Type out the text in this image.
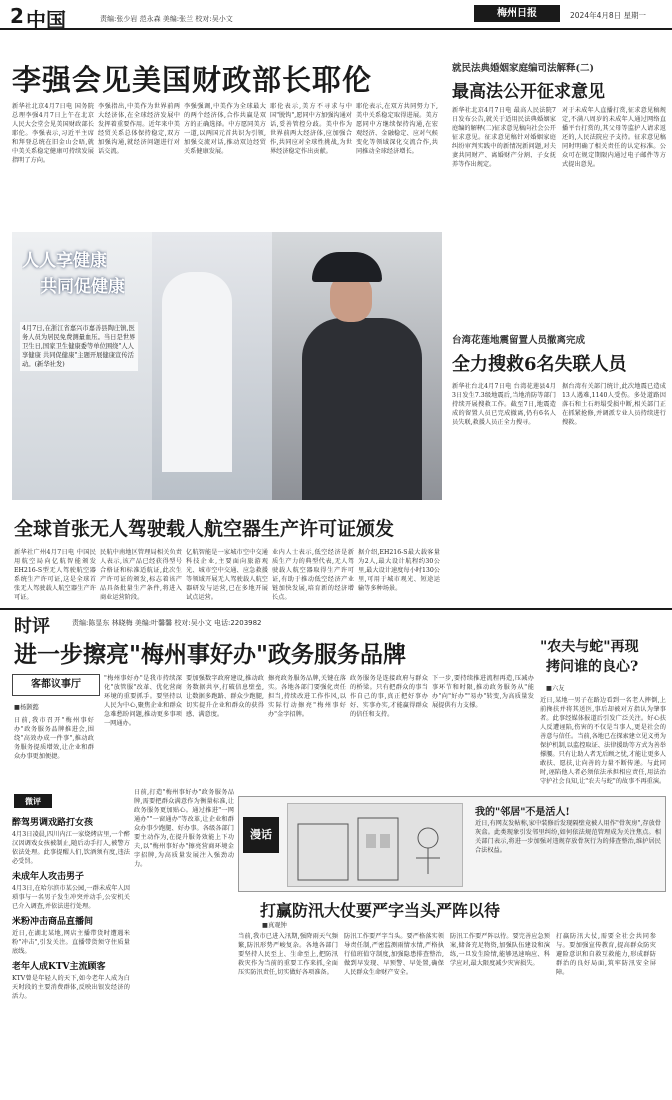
2 中国	责编:张少岩 范永森 美编:张兰 校对:吴小文	梅州日报	2024年4月8日 星期一
李强会见美国财政部长耶伦
新华社北京4月7日电 国务院总理李强4月7日上午在北京人民大会堂会见美国财政部长耶伦。李强表示,习近平主席和拜登总统在旧金山会晤,就中美关系稳定健康可持续发展指明了方向。
李强指出,中美作为世界前两大经济体,在全球经济发展中发挥着重要作用。近年来中美经贸关系总体保持稳定,双方加强沟通,就经济问题进行对话交流。
李强强调,中美作为全球最大的两个经济体,合作共赢是双方的正确选择。中方愿同美方一道,以两国元首共识为引领,加强交流对话,推动双边经贸关系健康发展。
耶伦表示,美方不寻求与中国"脱钩",愿同中方加强沟通对话,妥善管控分歧。美中作为世界前两大经济体,应加强合作,共同应对全球性挑战,为世界经济稳定作出贡献。
耶伦表示,在双方共同努力下,美中关系稳定取得进展。美方愿同中方继续保持沟通,在宏观经济、金融稳定、应对气候变化等领域深化交流合作,共同推动全球经济增长。
人人享健康
共同促健康
4月7日,在浙江省嘉兴市嘉善县陶庄镇,医务人员为居民免费测量血压。当日是世界卫生日,国家卫生健康委等单位围绕"人人享健康 共同促健康"主题开展健康宣传活动。(新华社发)
全球首张无人驾驶载人航空器生产许可证颁发
新华社广州4月7日电 中国民用航空局向亿航智能颁发EH216-S型无人驾驶航空器系统生产许可证,这是全球首张无人驾驶载人航空器生产许可证。
民航中南地区管理局相关负责人表示,该产品已经获得型号合格证和标准适航证,此次生产许可证的颁发,标志着该产品具备批量生产条件,将进入商业运营阶段。
亿航智能是一家城市空中交通科技企业,主要面向旅游观光、城市空中交通、应急救援等领域开展无人驾驶载人航空器研发与运营,已在多地开展试点运营。
业内人士表示,低空经济是新质生产力的典型代表,无人驾驶载人航空器取得生产许可证,有助于推动低空经济产业链加快发展,培育新的经济增长点。
据介绍,EH216-S最大载客量为2人,最大设计航程约30公里,最大设计速度每小时130公里,可用于城市观光、短途运输等多种场景。
就民法典婚姻家庭编司法解释(二)
最高法公开征求意见
新华社北京4月7日电 最高人民法院7日发布公告,就关于适用民法典婚姻家庭编的解释(二)征求意见稿向社会公开征求意见。征求意见稿针对婚姻家庭纠纷审判实践中的新情况新问题,对夫妻共同财产、离婚财产分割、子女抚养等作出规定。
对于未成年人直播打赏,征求意见稿规定,不满八周岁的未成年人通过网络直播平台打赏的,其父母等监护人请求返还的,人民法院应予支持。征求意见稿同时明确了相关责任的认定标准。公众可在规定期限内通过电子邮件等方式提出意见。
台湾花莲地震留置人员撤离完成
全力搜救6名失联人员
新华社台北4月7日电 台湾花莲县4月3日发生7.3级地震后,当地消防等部门持续开展搜救工作。截至7日,地震造成的留置人员已完成撤离,仍有6名人员失联,救援人员正全力搜寻。
据台湾有关部门统计,此次地震已造成13人遇难,1140人受伤。多处道路因落石和土石坍塌受损中断,相关部门正在抓紧抢修,并调派专业人员持续进行搜救。
时评	责编:陈显东 林晓梅 美编:叶馨馨 校对:吴小文 电话:2203982
进一步擦亮"梅州事好办"政务服务品牌	"农夫与蛇"再现
拷问谁的良心?
■六友
近日,某地一男子在路边看到一名老人摔倒,上前搀扶并将其送医,事后却被对方指认为肇事者。此事经媒体报道后引发广泛关注。好心扶人反遭诬陷,伤害的不仅是当事人,更是社会的善意与信任。当前,各地已在探索建立见义勇为保护机制,以监控取证、法律援助等方式为善举撑腰。只有让助人者无后顾之忧,才能让更多人敢扶、愿扶,让向善的力量不断传递。与此同时,诬陷他人者必须依法承担相应责任,用法治守护社会良知,让"农夫与蛇"的故事不再重演。
客都议事厅
■杨颢懿
日前,我市召开"梅州事好办"政务服务品牌推进会,围绕"高效办成一件事",推动政务服务提质增效,让企业和群众办事更加便捷。
"梅州事好办"是我市持续深化"放管服"改革、优化营商环境的重要抓手。要坚持以人民为中心,聚焦企业和群众急难愁盼问题,推动更多事项一网通办。
要加强数字政府建设,推动政务数据共享,打破信息壁垒,让数据多跑路、群众少跑腿,切实提升企业和群众的获得感、满意度。
擦亮政务服务品牌,关键在落实。各地各部门要强化责任担当,持续改进工作作风,以实际行动擦亮"梅州事好办"金字招牌。
政务服务是连接政府与群众的桥梁。只有把群众的事当作自己的事,真正把好事办好、实事办实,才能赢得群众的信任和支持。
下一步,要持续推进流程再造,压减办事环节和时限,推动政务服务从"能办"向"好办""易办"转变,为高质量发展提供有力支撑。
微评
醉驾男调戏路打女孩
4月3日凌晨,四川内江一家烧烤店里,一个醉汉因调戏女孩被制止,随后动手打人,被警方依法处理。此事提醒人们,饮酒须有度,违法必受罚。
未成年人攻击男子
4月3日,在哈尔滨市某公园,一群未成年人因琐事与一名男子发生冲突并动手,公安机关已介入调查,并依法进行处理。
米粉冲击商品直播间
近日,在湖北某地,网店主播带货时遭遇米粉"冲击",引发关注。直播带货须守住质量底线。
老年人成KTV主流顾客
KTV曾是年轻人的天下,如今老年人成为白天时段的主要消费群体,反映出银发经济的活力。
日前,打造"梅州事好办"政务服务品牌,需要把群众满意作为衡量标准,让政务服务更加贴心。通过推进"一网通办""一窗通办"等改革,让企业和群众办事少跑腿、好办事。各级各部门要主动作为,在提升服务效能上下功夫,以"梅州事好办"擦亮营商环境金字招牌,为高质量发展注入强劲动力。
漫话
我的"邻居"不是活人!
近日,有网友发帖称,家中装修后发现隔壁竟被人用作"骨灰房",存放骨灰盒。此类现象引发邻里纠纷,如何依法规范管理成为关注焦点。相关部门表示,将进一步加强对违规存放骨灰行为的排查整治,维护居民合法权益。
打赢防汛大仗要严字当头严阵以待
■真观钟
当前,我市已进入汛期,强降雨天气频繁,防汛形势严峻复杂。各地各部门要坚持人民至上、生命至上,把防汛救灾作为当前的重要工作来抓,全面压实防汛责任,切实做好各项准备。
防汛工作要严字当头。要严格落实领导责任制,严密监测雨情水情,严格执行值班值守制度,加强隐患排查整治,做到早发现、早预警、早处置,确保人民群众生命财产安全。
防汛工作要严阵以待。要完善应急预案,储备充足物资,加强队伍建设和演练,一旦发生险情,能够迅速响应、科学应对,最大限度减少灾害损失。
打赢防汛大仗,需要全社会共同参与。要加强宣传教育,提高群众防灾避险意识和自救互救能力,形成群防群治的良好局面,筑牢防汛安全屏障。
